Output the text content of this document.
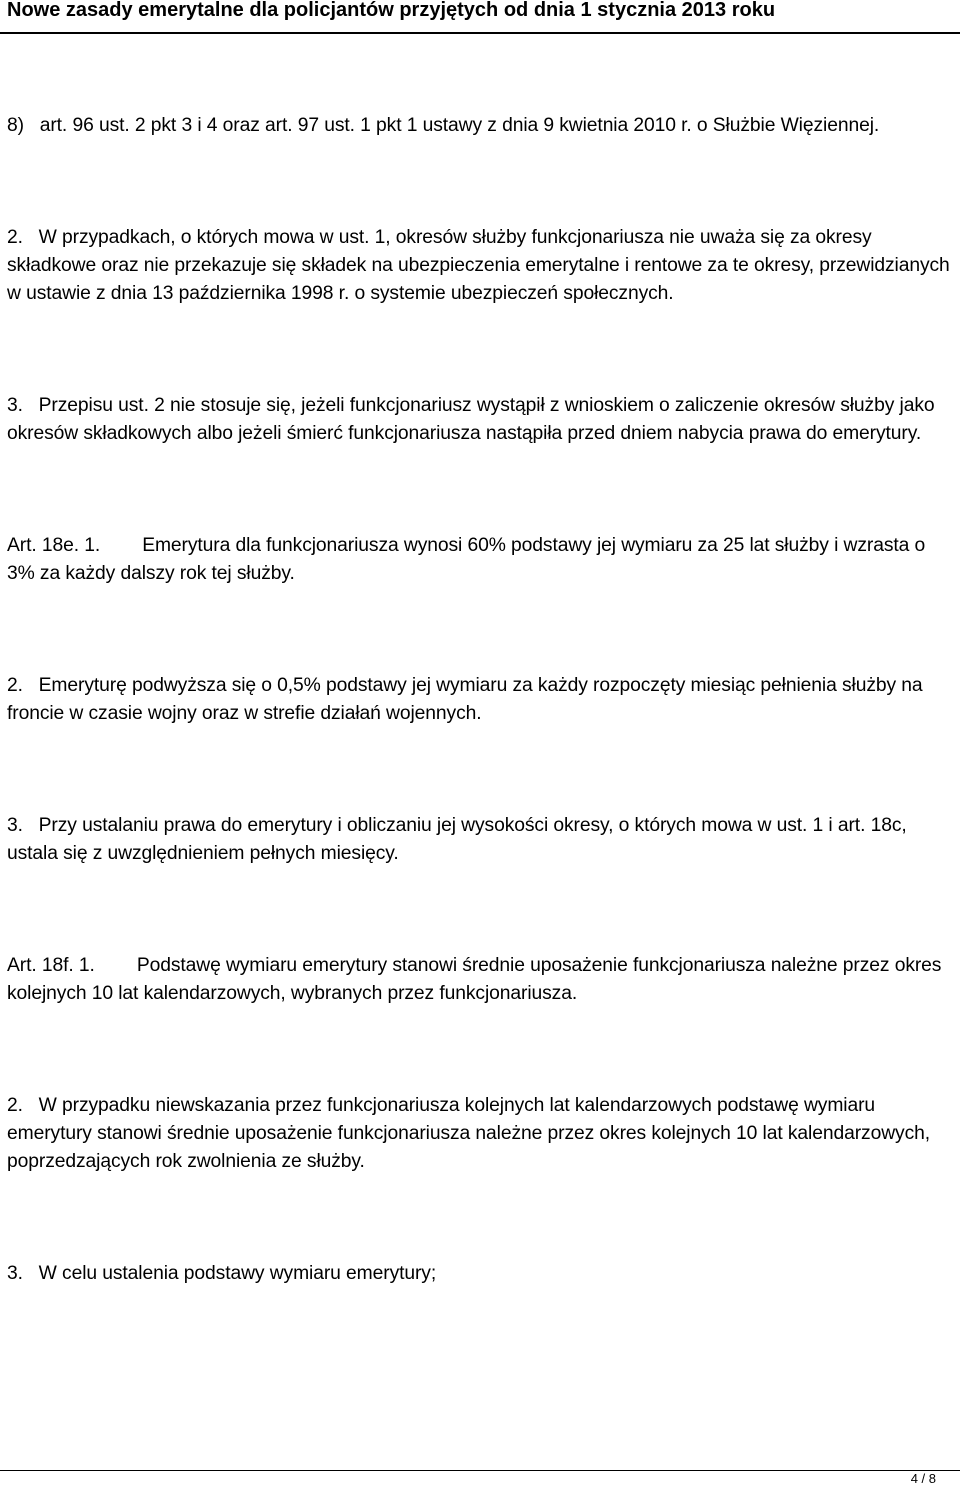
Nowe zasady emerytalne dla policjantów przyjętych od dnia 1 stycznia 2013 roku

8) art. 96 ust. 2 pkt 3 i 4 oraz art. 97 ust. 1 pkt 1 ustawy z dnia 9 kwietnia 2010 r. o Służbie Więziennej.

2. W przypadkach, o których mowa w ust. 1, okresów służby funkcjonariusza nie uważa się za okresy składkowe oraz nie przekazuje się składek na ubezpieczenia emerytalne i rentowe za te okresy, przewidzianych w ustawie z dnia 13 października 1998 r. o systemie ubezpieczeń społecznych.

3. Przepisu ust. 2 nie stosuje się, jeżeli funkcjonariusz wystąpił z wnioskiem o zaliczenie okresów służby jako okresów składkowych albo jeżeli śmierć funkcjonariusza nastąpiła przed dniem nabycia prawa do emerytury.

Art. 18e. 1. Emerytura dla funkcjonariusza wynosi 60% podstawy jej wymiaru za 25 lat służby i wzrasta o 3% za każdy dalszy rok tej służby.

2. Emeryturę podwyższa się o 0,5% podstawy jej wymiaru za każdy rozpoczęty miesiąc pełnienia służby na froncie w czasie wojny oraz w strefie działań wojennych.

3. Przy ustalaniu prawa do emerytury i obliczaniu jej wysokości okresy, o których mowa w ust. 1 i art. 18c, ustala się z uwzględnieniem pełnych miesięcy.

Art. 18f. 1. Podstawę wymiaru emerytury stanowi średnie uposażenie funkcjonariusza należne przez okres kolejnych 10 lat kalendarzowych, wybranych przez funkcjonariusza.

2. W przypadku niewskazania przez funkcjonariusza kolejnych lat kalendarzowych podstawę wymiaru emerytury stanowi średnie uposażenie funkcjonariusza należne przez okres kolejnych 10 lat kalendarzowych, poprzedzających rok zwolnienia ze służby.

3. W celu ustalenia podstawy wymiaru emerytury;

4 / 8
